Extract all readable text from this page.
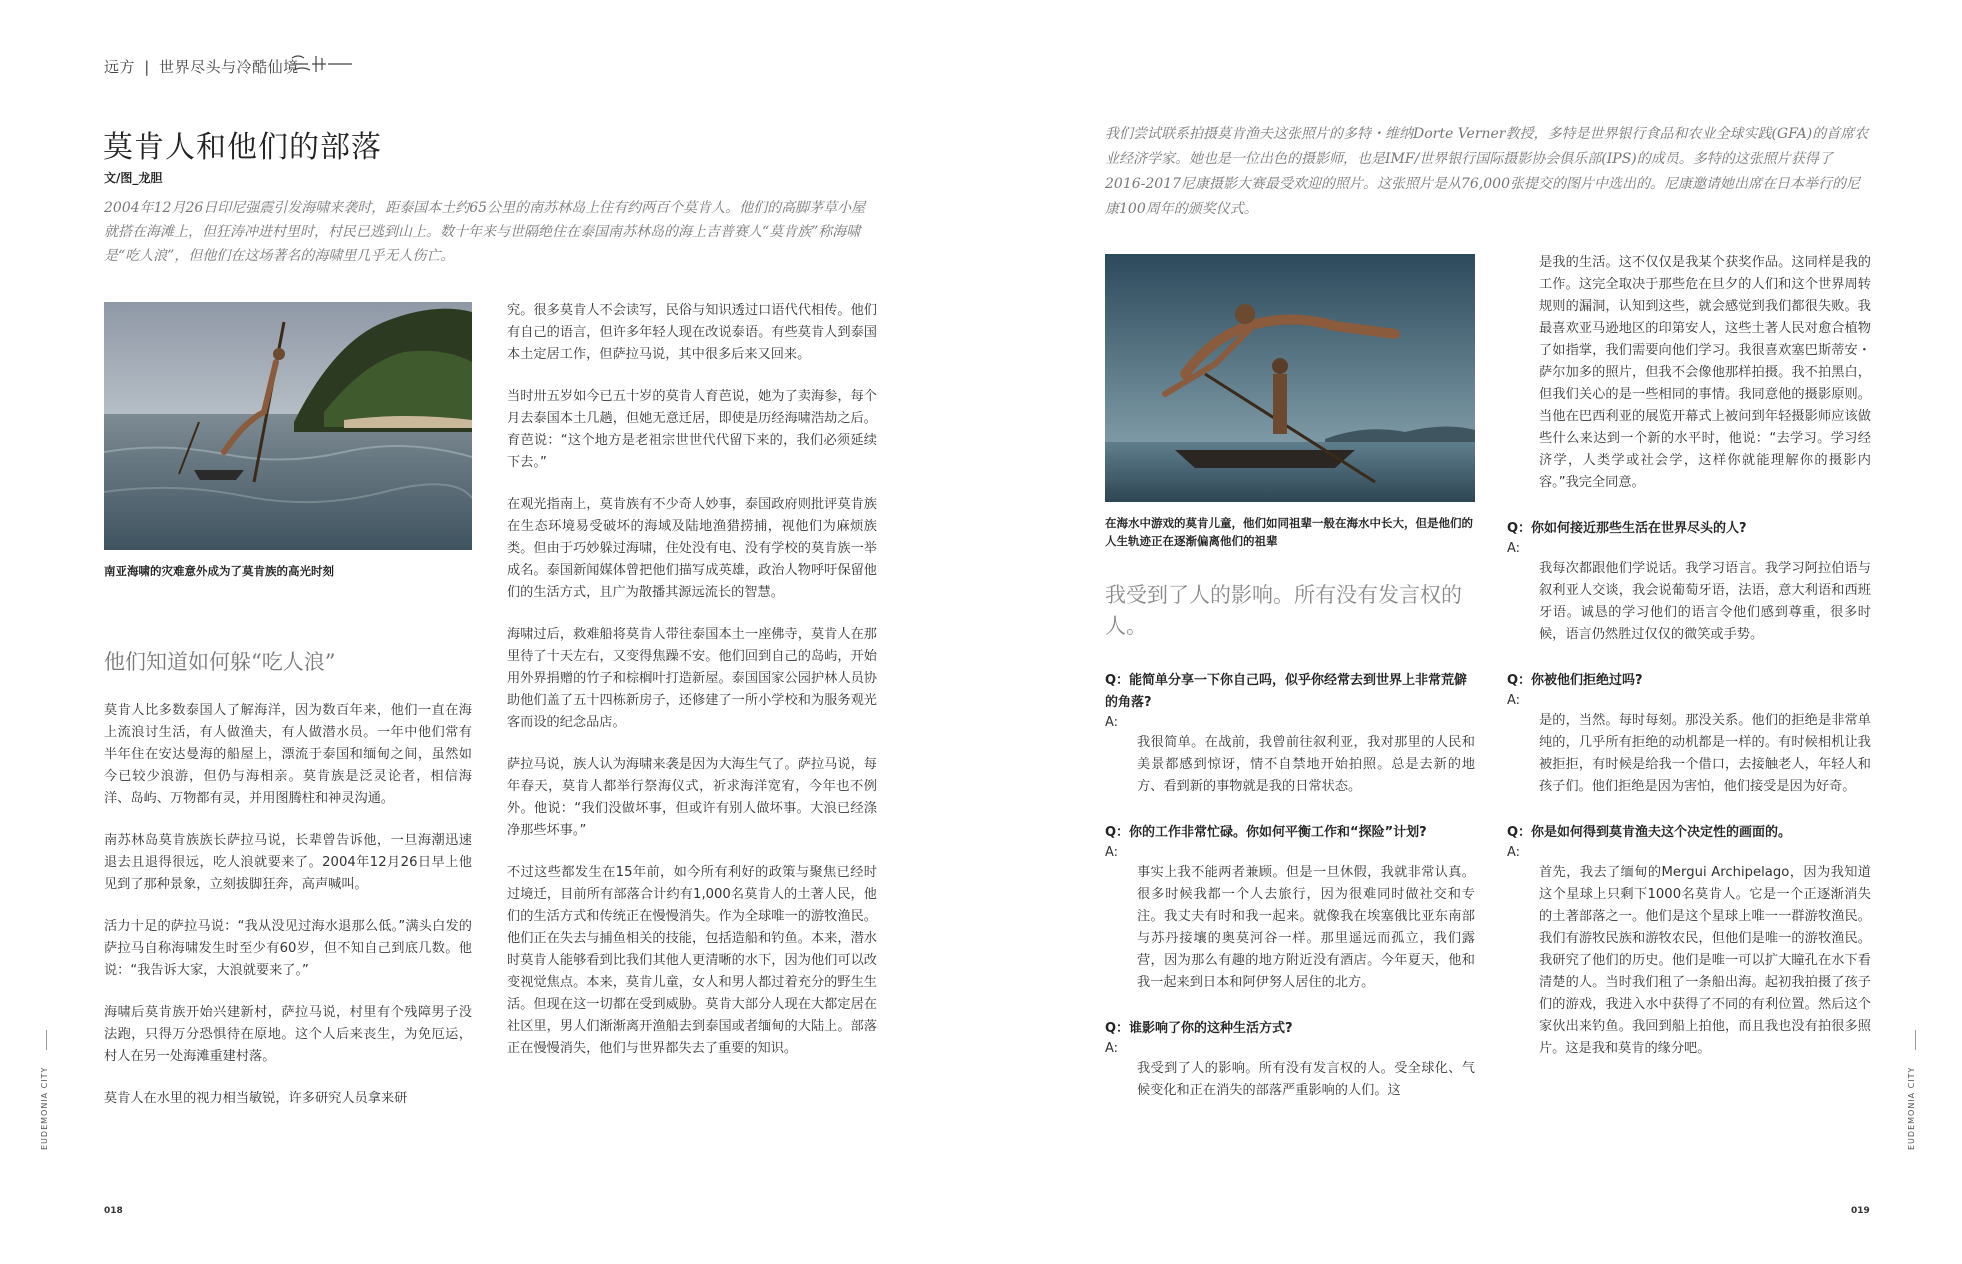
远方 | 世界尽头与冷酷仙境
莫肯人和他们的部落
文/图_龙胆
2004年12月26日印尼强震引发海啸来袭时，距泰国本土约65公里的南苏林岛上住有约两百个莫肯人。他们的高脚茅草小屋就搭在海滩上，但狂涛冲进村里时，村民已逃到山上。数十年来与世隔绝住在泰国南苏林岛的海上吉普赛人“莫肯族”称海啸是“吃人浪”，但他们在这场著名的海啸里几乎无人伤亡。
南亚海啸的灾难意外成为了莫肯族的高光时刻
他们知道如何躲“吃人浪”

莫肯人比多数泰国人了解海洋，因为数百年来，他们一直在海上流浪讨生活，有人做渔夫，有人做潜水员。一年中他们常有半年住在安达曼海的船屋上，漂流于泰国和缅甸之间，虽然如今已较少浪游，但仍与海相亲。莫肯族是泛灵论者，相信海洋、岛屿、万物都有灵，并用图腾柱和神灵沟通。

南苏林岛莫肯族族长萨拉马说，长辈曾告诉他，一旦海潮迅速退去且退得很远，吃人浪就要来了。2004年12月26日早上他见到了那种景象，立刻拔脚狂奔，高声喊叫。

活力十足的萨拉马说：“我从没见过海水退那么低。”满头白发的萨拉马自称海啸发生时至少有60岁，但不知自己到底几数。他说：“我告诉大家，大浪就要来了。”

海啸后莫肯族开始兴建新村，萨拉马说，村里有个残障男子没法跑，只得万分恐惧待在原地。这个人后来丧生，为免厄运，村人在另一处海滩重建村落。

莫肯人在水里的视力相当敏锐，许多研究人员拿来研

究。很多莫肯人不会读写，民俗与知识透过口语代代相传。他们有自己的语言，但许多年轻人现在改说泰语。有些莫肯人到泰国本土定居工作，但萨拉马说，其中很多后来又回来。

当时卅五岁如今已五十岁的莫肯人育芭说，她为了卖海参，每个月去泰国本土几趟，但她无意迁居，即使是历经海啸浩劫之后。育芭说：“这个地方是老祖宗世世代代留下来的，我们必须延续下去。”

在观光指南上，莫肯族有不少奇人妙事，泰国政府则批评莫肯族在生态环境易受破坏的海域及陆地渔猎捞捕，视他们为麻烦族类。但由于巧妙躲过海啸，住处没有电、没有学校的莫肯族一举成名。泰国新闻媒体曾把他们描写成英雄，政治人物呼吁保留他们的生活方式，且广为散播其源远流长的智慧。

海啸过后，救难船将莫肯人带往泰国本土一座佛寺，莫肯人在那里待了十天左右，又变得焦躁不安。他们回到自己的岛屿，开始用外界捐赠的竹子和棕榈叶打造新屋。泰国国家公园护林人员协助他们盖了五十四栋新房子，还修建了一所小学校和为服务观光客而设的纪念品店。

萨拉马说，族人认为海啸来袭是因为大海生气了。萨拉马说，每年春天，莫肯人都举行祭海仪式，祈求海洋宽宥，今年也不例外。他说：“我们没做坏事，但或许有别人做坏事。大浪已经涤净那些坏事。”

不过这些都发生在15年前，如今所有利好的政策与聚焦已经时过境迁，目前所有部落合计约有1,000名莫肯人的土著人民，他们的生活方式和传统正在慢慢消失。作为全球唯一的游牧渔民。他们正在失去与捕鱼相关的技能，包括造船和钓鱼。本来，潜水时莫肯人能够看到比我们其他人更清晰的水下，因为他们可以改变视觉焦点。本来，莫肯儿童，女人和男人都过着充分的野生生活。但现在这一切都在受到威胁。莫肯大部分人现在大都定居在社区里，男人们渐渐离开渔船去到泰国或者缅甸的大陆上。部落正在慢慢消失，他们与世界都失去了重要的知识。

EUDEMONIA CITY
018
我们尝试联系拍摄莫肯渔夫这张照片的多特・维纳Dorte Verner教授，多特是世界银行食品和农业全球实践(GFA)的首席农业经济学家。她也是一位出色的摄影师，也是IMF/世界银行国际摄影协会俱乐部(IPS)的成员。多特的这张照片获得了2016-2017尼康摄影大赛最受欢迎的照片。这张照片是从76,000张提交的图片中选出的。尼康邀请她出席在日本举行的尼康100周年的颁奖仪式。
在海水中游戏的莫肯儿童，他们如同祖辈一般在海水中长大，但是他们的人生轨迹正在逐渐偏离他们的祖辈
我受到了人的影响。所有没有发言权的人。
Q：能简单分享一下你自己吗，似乎你经常去到世界上非常荒僻的角落?
A:

我很简单。在战前，我曾前往叙利亚，我对那里的人民和美景都感到惊讶，情不自禁地开始拍照。总是去新的地方、看到新的事物就是我的日常状态。

Q：你的工作非常忙碌。你如何平衡工作和“探险”计划?
A:

事实上我不能两者兼顾。但是一旦休假，我就非常认真。很多时候我都一个人去旅行，因为很难同时做社交和专注。我丈夫有时和我一起来。就像我在埃塞俄比亚东南部与苏丹接壤的奥莫河谷一样。那里遥远而孤立，我们露营，因为那么有趣的地方附近没有酒店。今年夏天，他和我一起来到日本和阿伊努人居住的北方。

Q：谁影响了你的这种生活方式?
A:

我受到了人的影响。所有没有发言权的人。受全球化、气候变化和正在消失的部落严重影响的人们。这

是我的生活。这不仅仅是我某个获奖作品。这同样是我的工作。这完全取决于那些危在旦夕的人们和这个世界周转规则的漏洞，认知到这些，就会感觉到我们都很失败。我最喜欢亚马逊地区的印第安人，这些土著人民对愈合植物了如指掌，我们需要向他们学习。我很喜欢塞巴斯蒂安・萨尔加多的照片，但我不会像他那样拍摄。我不拍黑白，但我们关心的是一些相同的事情。我同意他的摄影原则。当他在巴西利亚的展览开幕式上被问到年轻摄影师应该做些什么来达到一个新的水平时，他说：“去学习。学习经济学，人类学或社会学，这样你就能理解你的摄影内容。”我完全同意。

Q：你如何接近那些生活在世界尽头的人?
A:

我每次都跟他们学说话。我学习语言。我学习阿拉伯语与叙利亚人交谈，我会说葡萄牙语，法语，意大利语和西班牙语。诚恳的学习他们的语言令他们感到尊重，很多时候，语言仍然胜过仅仅的微笑或手势。

Q：你被他们拒绝过吗?
A:

是的，当然。每时每刻。那没关系。他们的拒绝是非常单纯的，几乎所有拒绝的动机都是一样的。有时候相机让我被拒拒，有时候是给我一个借口，去接触老人，年轻人和孩子们。他们拒绝是因为害怕，他们接受是因为好奇。

Q：你是如何得到莫肯渔夫这个决定性的画面的。
A:

首先，我去了缅甸的Mergui Archipelago，因为我知道这个星球上只剩下1000名莫肯人。它是一个正逐渐消失的土著部落之一。他们是这个星球上唯一一群游牧渔民。我们有游牧民族和游牧农民，但他们是唯一的游牧渔民。我研究了他们的历史。他们是唯一可以扩大瞳孔在水下看清楚的人。当时我们租了一条船出海。起初我拍摄了孩子们的游戏，我进入水中获得了不同的有利位置。然后这个家伙出来钓鱼。我回到船上拍他，而且我也没有拍很多照片。这是我和莫肯的缘分吧。

EUDEMONIA CITY
019
